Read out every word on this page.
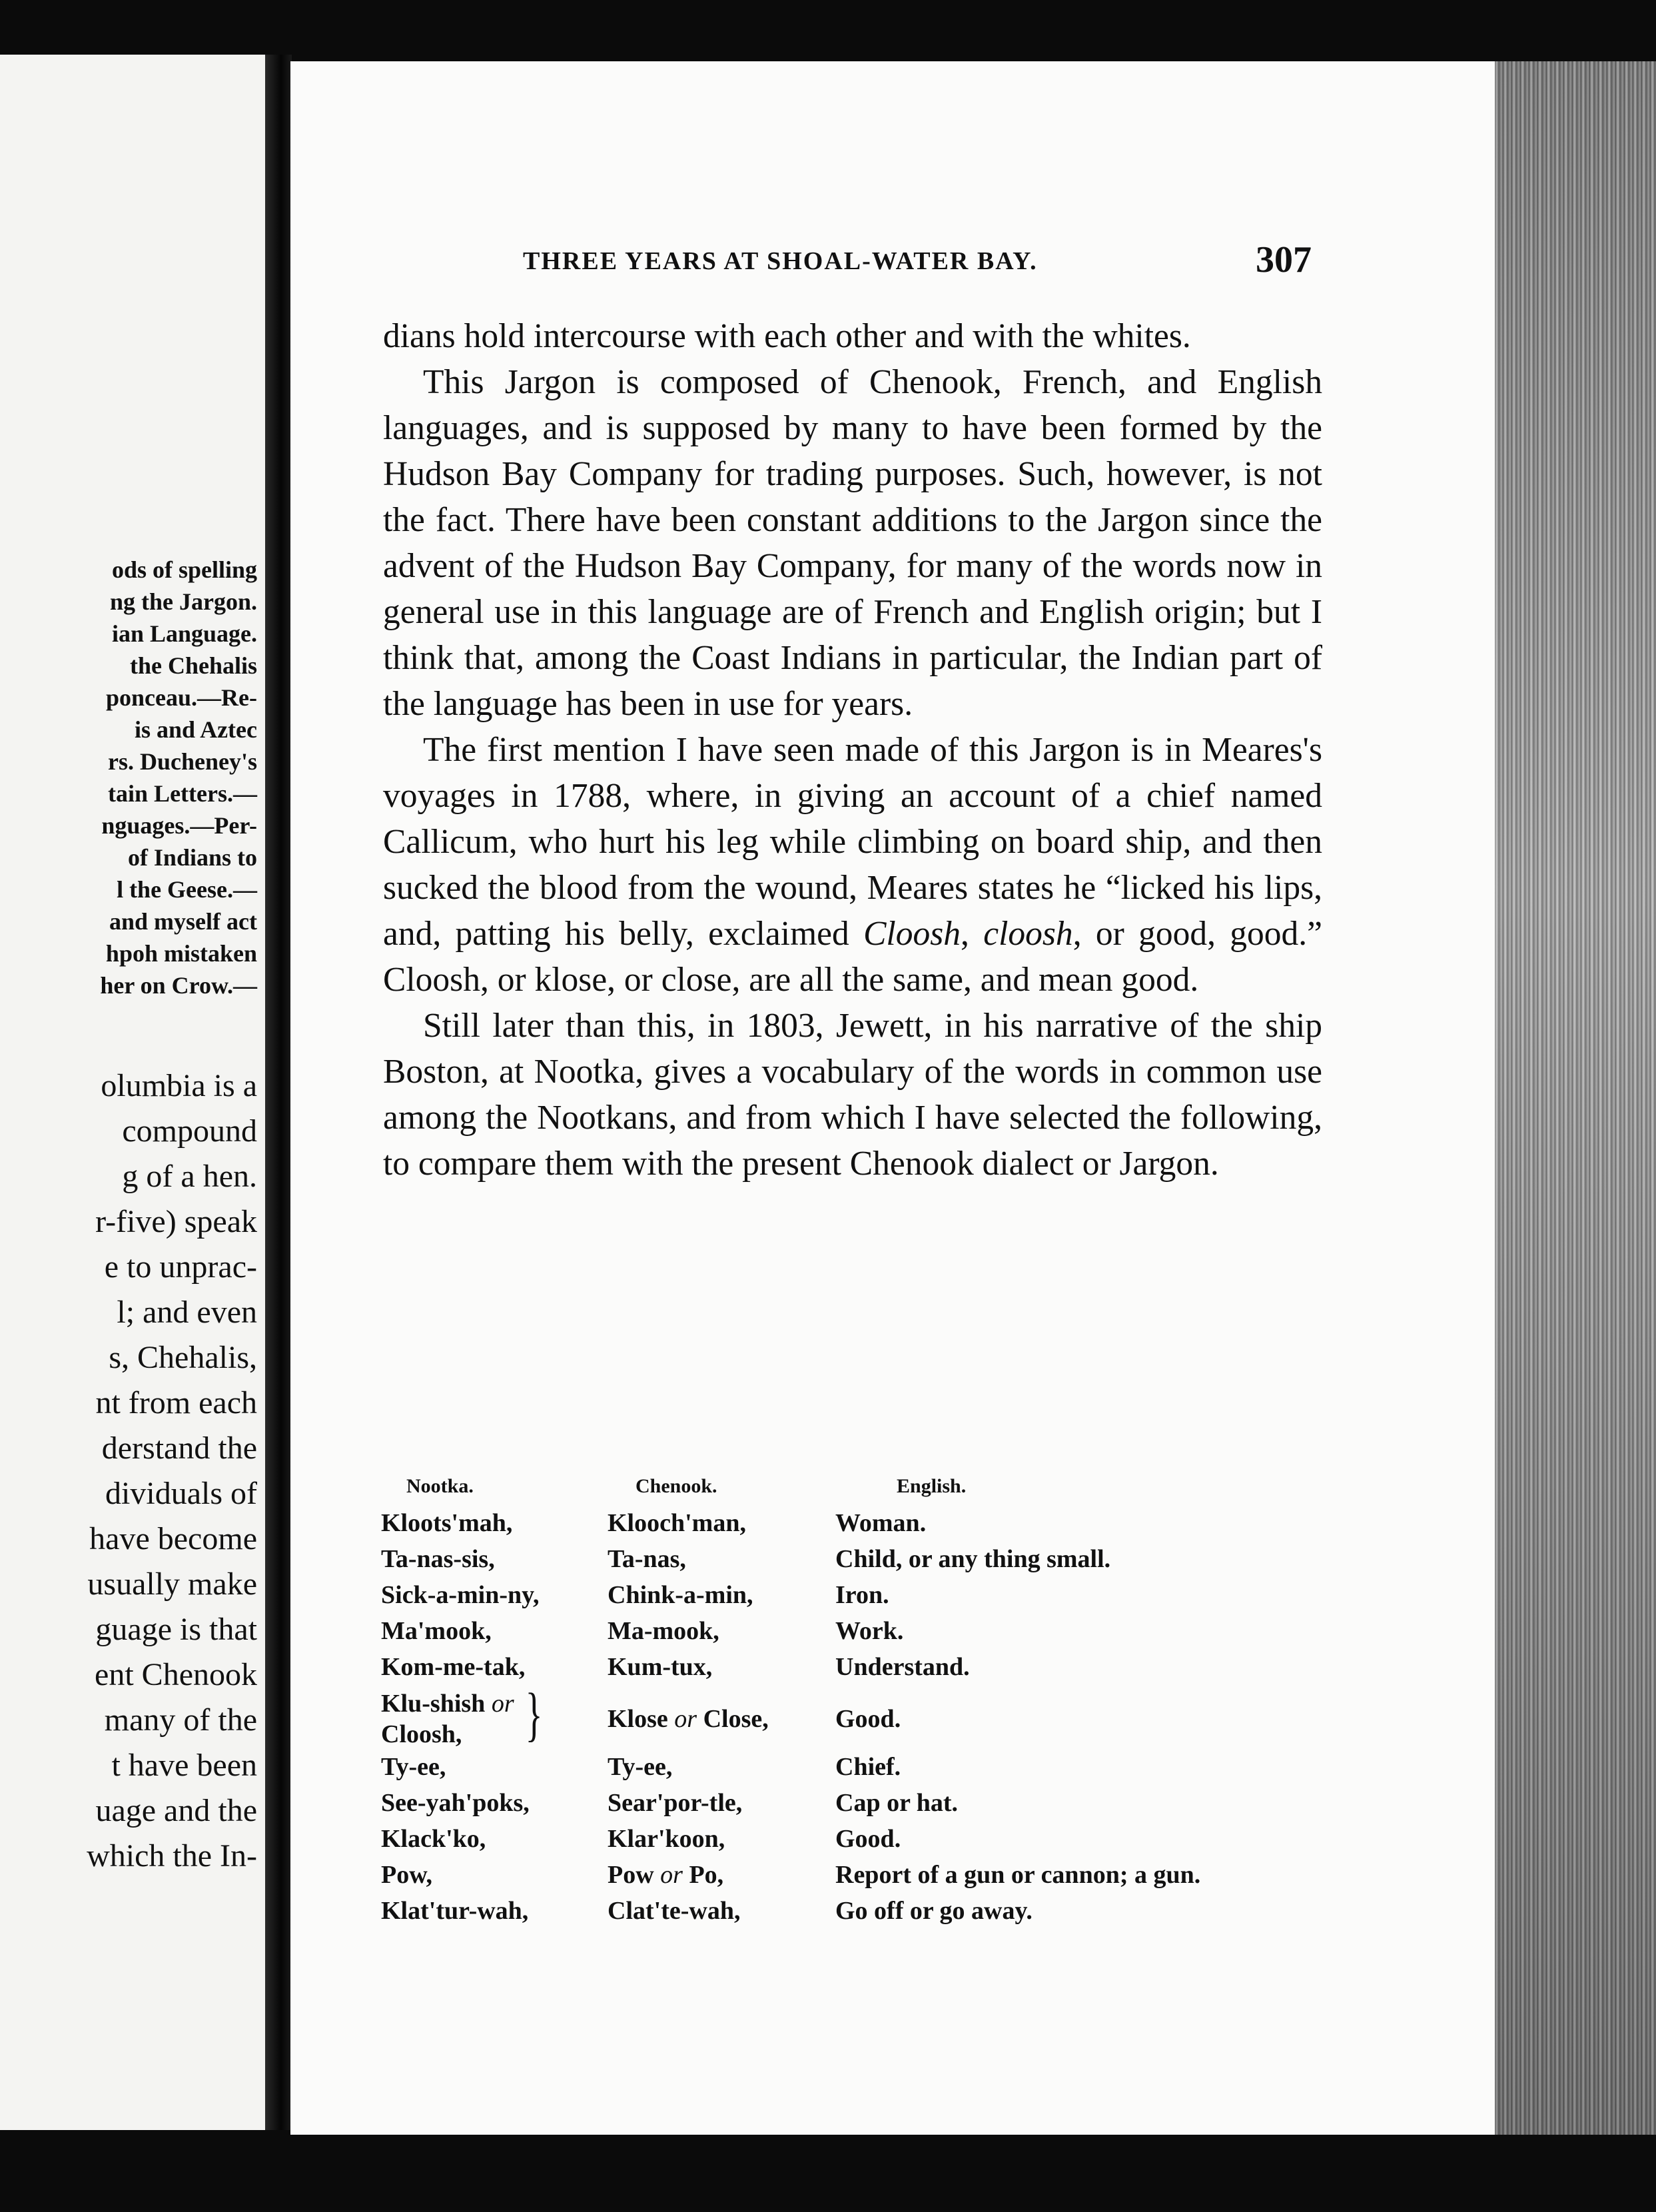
ods of spelling
ng the Jargon.
ian Language.
the Chehalis
ponceau.—Re-
is and Aztec
rs. Ducheney's
tain Letters.—
nguages.—Per-
of Indians to
l the Geese.—
and myself act
hpoh mistaken
her on Crow.—
olumbia is a
compound
g of a hen.
r-five) speak
e to unprac-
l; and even
s, Chehalis,
nt from each
derstand the
dividuals of
have become
usually make
guage is that
ent Chenook
many of the
t have been
uage and the
which the In-
THREE YEARS AT SHOAL-WATER BAY.	307

dians hold intercourse with each other and with the whites.

This Jargon is composed of Chenook, French, and English languages, and is supposed by many to have been formed by the Hudson Bay Company for trading purposes. Such, however, is not the fact. There have been constant additions to the Jargon since the advent of the Hudson Bay Company, for many of the words now in general use in this language are of French and English origin; but I think that, among the Coast Indians in particular, the Indian part of the language has been in use for years.

The first mention I have seen made of this Jargon is in Meares's voyages in 1788, where, in giving an account of a chief named Callicum, who hurt his leg while climbing on board ship, and then sucked the blood from the wound, Meares states he “licked his lips, and, patting his belly, exclaimed Cloosh, cloosh, or good, good.” Cloosh, or klose, or close, are all the same, and mean good.

Still later than this, in 1803, Jewett, in his narrative of the ship Boston, at Nootka, gives a vocabulary of the words in common use among the Nootkans, and from which I have selected the following, to compare them with the present Chenook dialect or Jargon.

Nootka.	Chenook.	English.
Kloots'mah,	Klooch'man,	Woman.
Ta-nas-sis,	Ta-nas,	Child, or any thing small.
Sick-a-min-ny,	Chink-a-min,	Iron.
Ma'mook,	Ma-mook,	Work.
Kom-me-tak,	Kum-tux,	Understand.
Klu-shish or
Cloosh,	}	Klose or Close,	Good.
Ty-ee,	Ty-ee,	Chief.
See-yah'poks,	Sear'por-tle,	Cap or hat.
Klack'ko,	Klar'koon,	Good.
Pow,	Pow or Po,	Report of a gun or cannon; a gun.
Klat'tur-wah,	Clat'te-wah,	Go off or go away.
